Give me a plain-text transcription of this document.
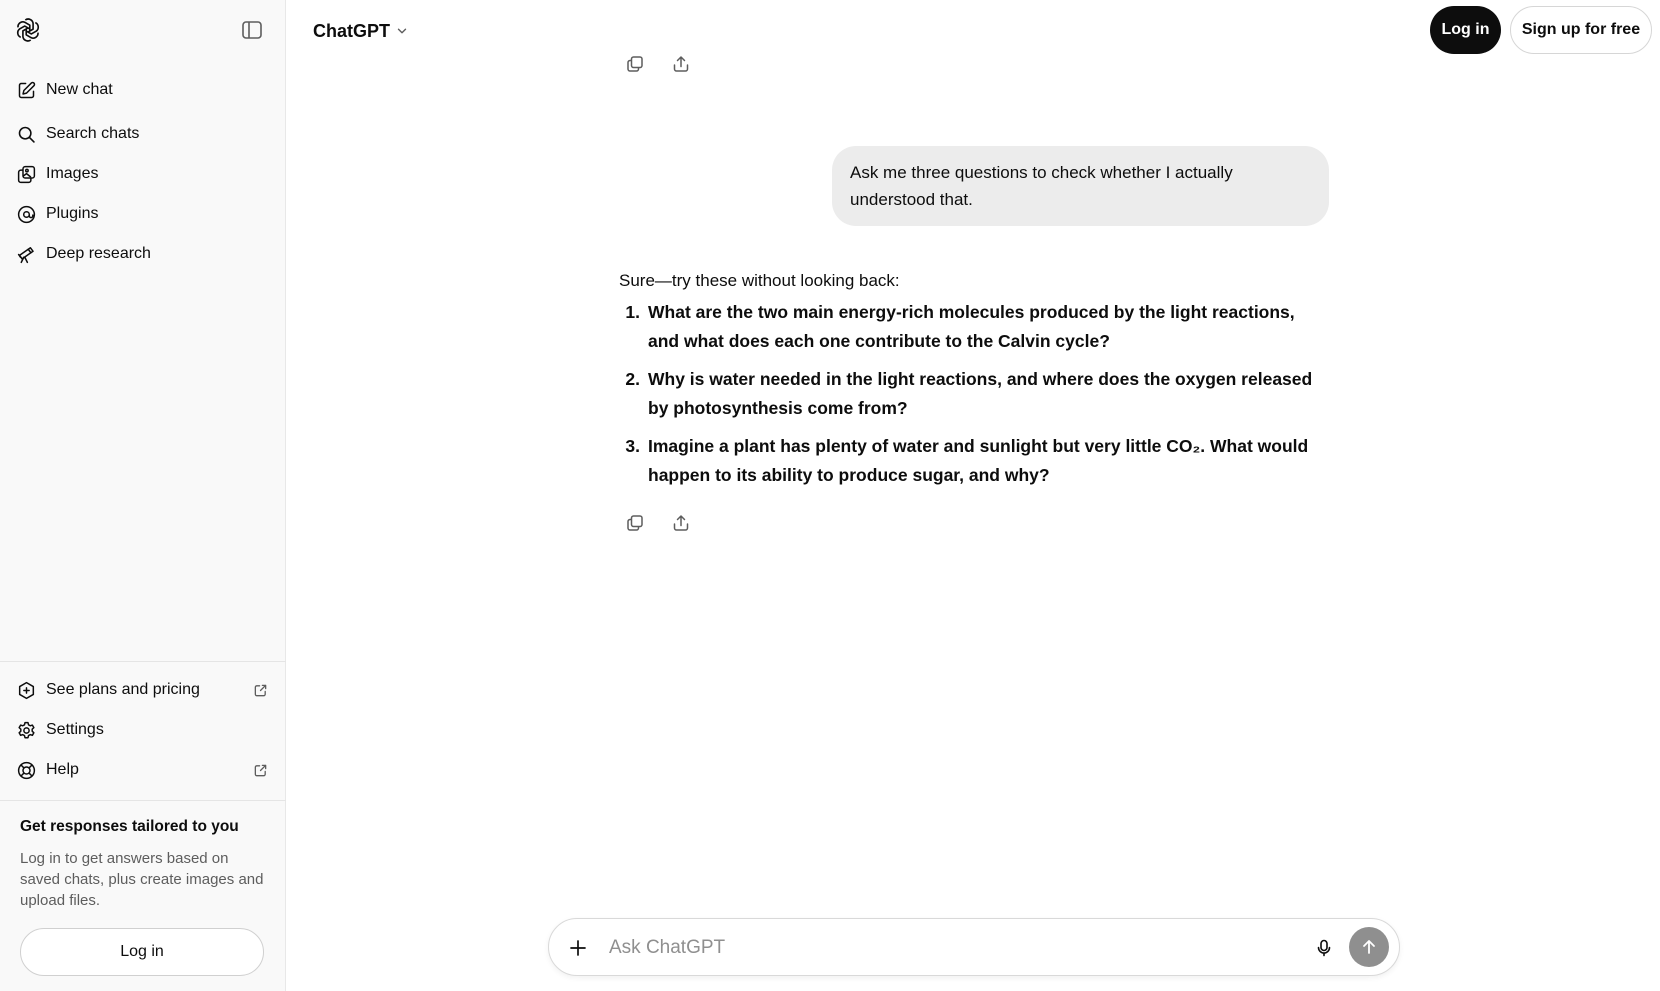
New chat
Search chats
Images
Plugins
Deep research
See plans and pricing
Settings
Help
Get responses tailored to you
Log in to get answers based on saved chats, plus create images and upload files.
Log in
ChatGPT	Log in	Sign up for free
Ask me three questions to check whether I actually understood that.

Sure—try these without looking back:

1. What are the two main energy-rich molecules produced by the light reactions, and what does each one contribute to the Calvin cycle?
2. Why is water needed in the light reactions, and where does the oxygen released by photosynthesis come from?
3. Imagine a plant has plenty of water and sunlight but very little CO₂. What would happen to its ability to produce sugar, and why?
Ask ChatGPT
